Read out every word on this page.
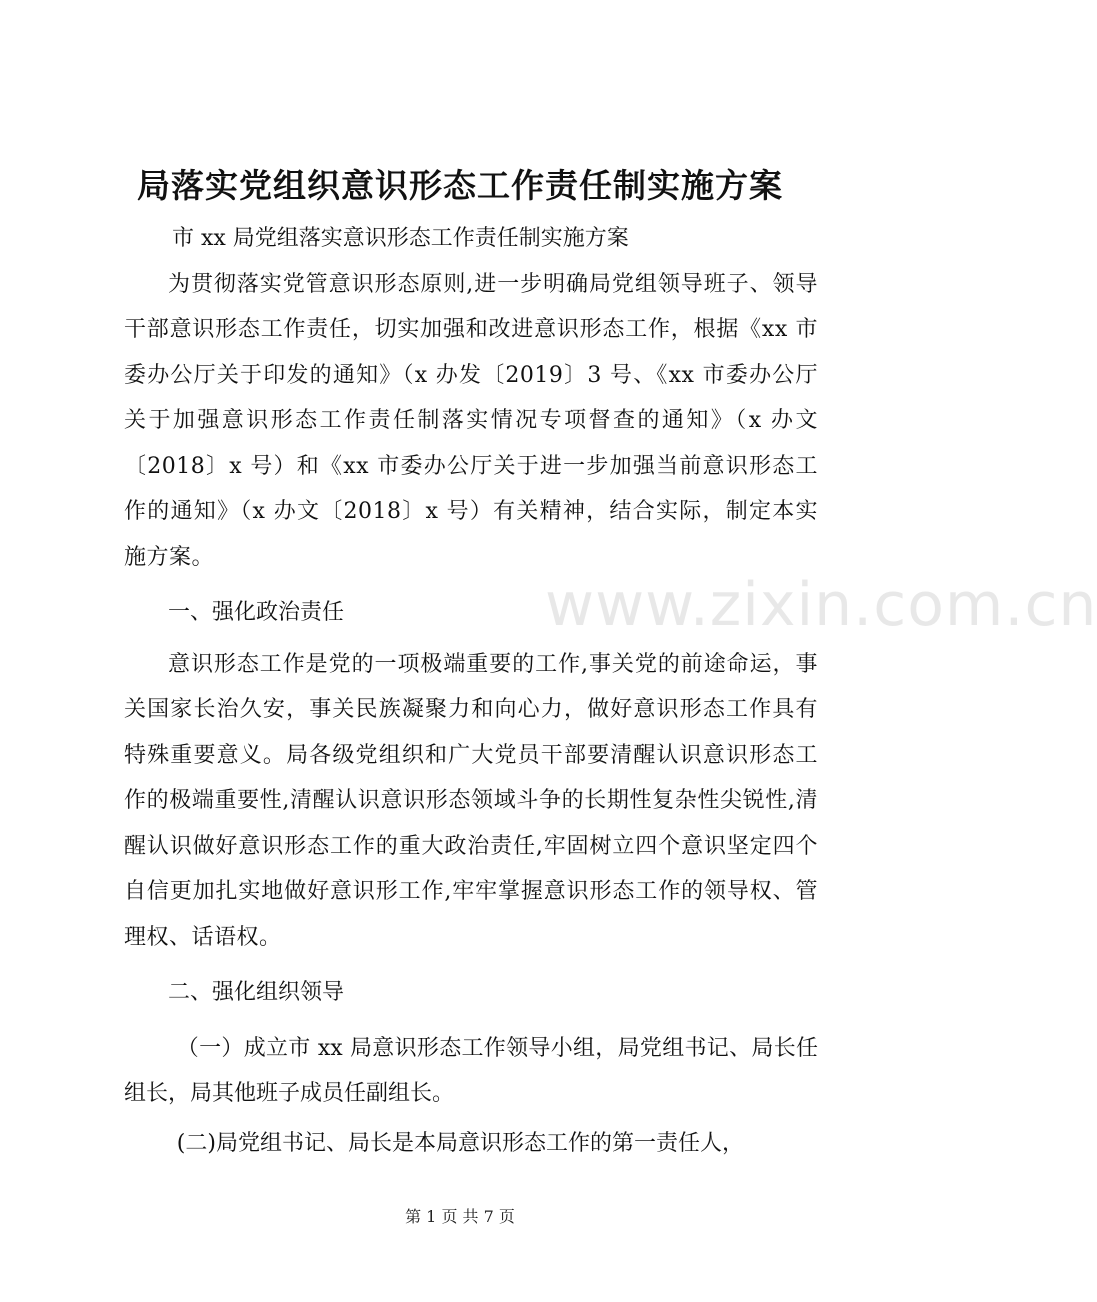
局落实党组织意识形态工作责任制实施方案

市 xx 局党组落实意识形态工作责任制实施方案

为贯彻落实党管意识形态原则,进一步明确局党组领导班子、领导干部意识形态工作责任，切实加强和改进意识形态工作，根据《xx 市委办公厅关于印发的通知》（x 办发〔2019〕3 号、《xx 市委办公厅关于加强意识形态工作责任制落实情况专项督查的通知》（x 办文〔2018〕x 号）和《xx 市委办公厅关于进一步加强当前意识形态工作的通知》（x 办文〔2018〕x 号）有关精神，结合实际，制定本实施方案。

一、强化政治责任

意识形态工作是党的一项极端重要的工作,事关党的前途命运，事关国家长治久安，事关民族凝聚力和向心力，做好意识形态工作具有特殊重要意义。局各级党组织和广大党员干部要清醒认识意识形态工作的极端重要性,清醒认识意识形态领域斗争的长期性复杂性尖锐性,清醒认识做好意识形态工作的重大政治责任,牢固树立四个意识坚定四个自信更加扎实地做好意识形工作,牢牢掌握意识形态工作的领导权、管理权、话语权。

二、强化组织领导

（一）成立市 xx 局意识形态工作领导小组，局党组书记、局长任组长，局其他班子成员任副组长。

(二)局党组书记、局长是本局意识形态工作的第一责任人，

www.zixin.com.cn
第 1 页 共 7 页
